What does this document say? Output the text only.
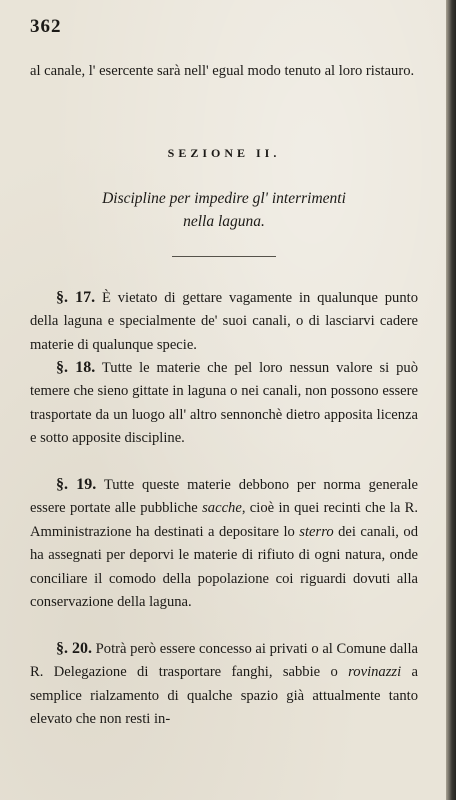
362
al canale, l' esercente sarà nell' egual modo tenuto al loro ristauro.
SEZIONE II.
Discipline per impedire gl' interrimenti
nella laguna.
§. 17. È vietato di gettare vagamente in qualunque punto della laguna e specialmente de' suoi canali, o di lasciarvi cadere materie di qualunque specie.
§. 18. Tutte le materie che pel loro nessun valore si può temere che sieno gittate in laguna o nei canali, non possono essere trasportate da un luogo all' altro sennonchè dietro apposita licenza e sotto apposite discipline.
§. 19. Tutte queste materie debbono per norma generale essere portate alle pubbliche sacche, cioè in quei recinti che la R. Amministrazione ha destinati a depositare lo sterro dei canali, od ha assegnati per deporvi le materie di rifiuto di ogni natura, onde conciliare il comodo della popolazione coi riguardi dovuti alla conservazione della laguna.
§. 20. Potrà però essere concesso ai privati o al Comune dalla R. Delegazione di trasportare fanghi, sabbie o rovinazzi a semplice rialzamento di qualche spazio già attualmente tanto elevato che non resti in-
